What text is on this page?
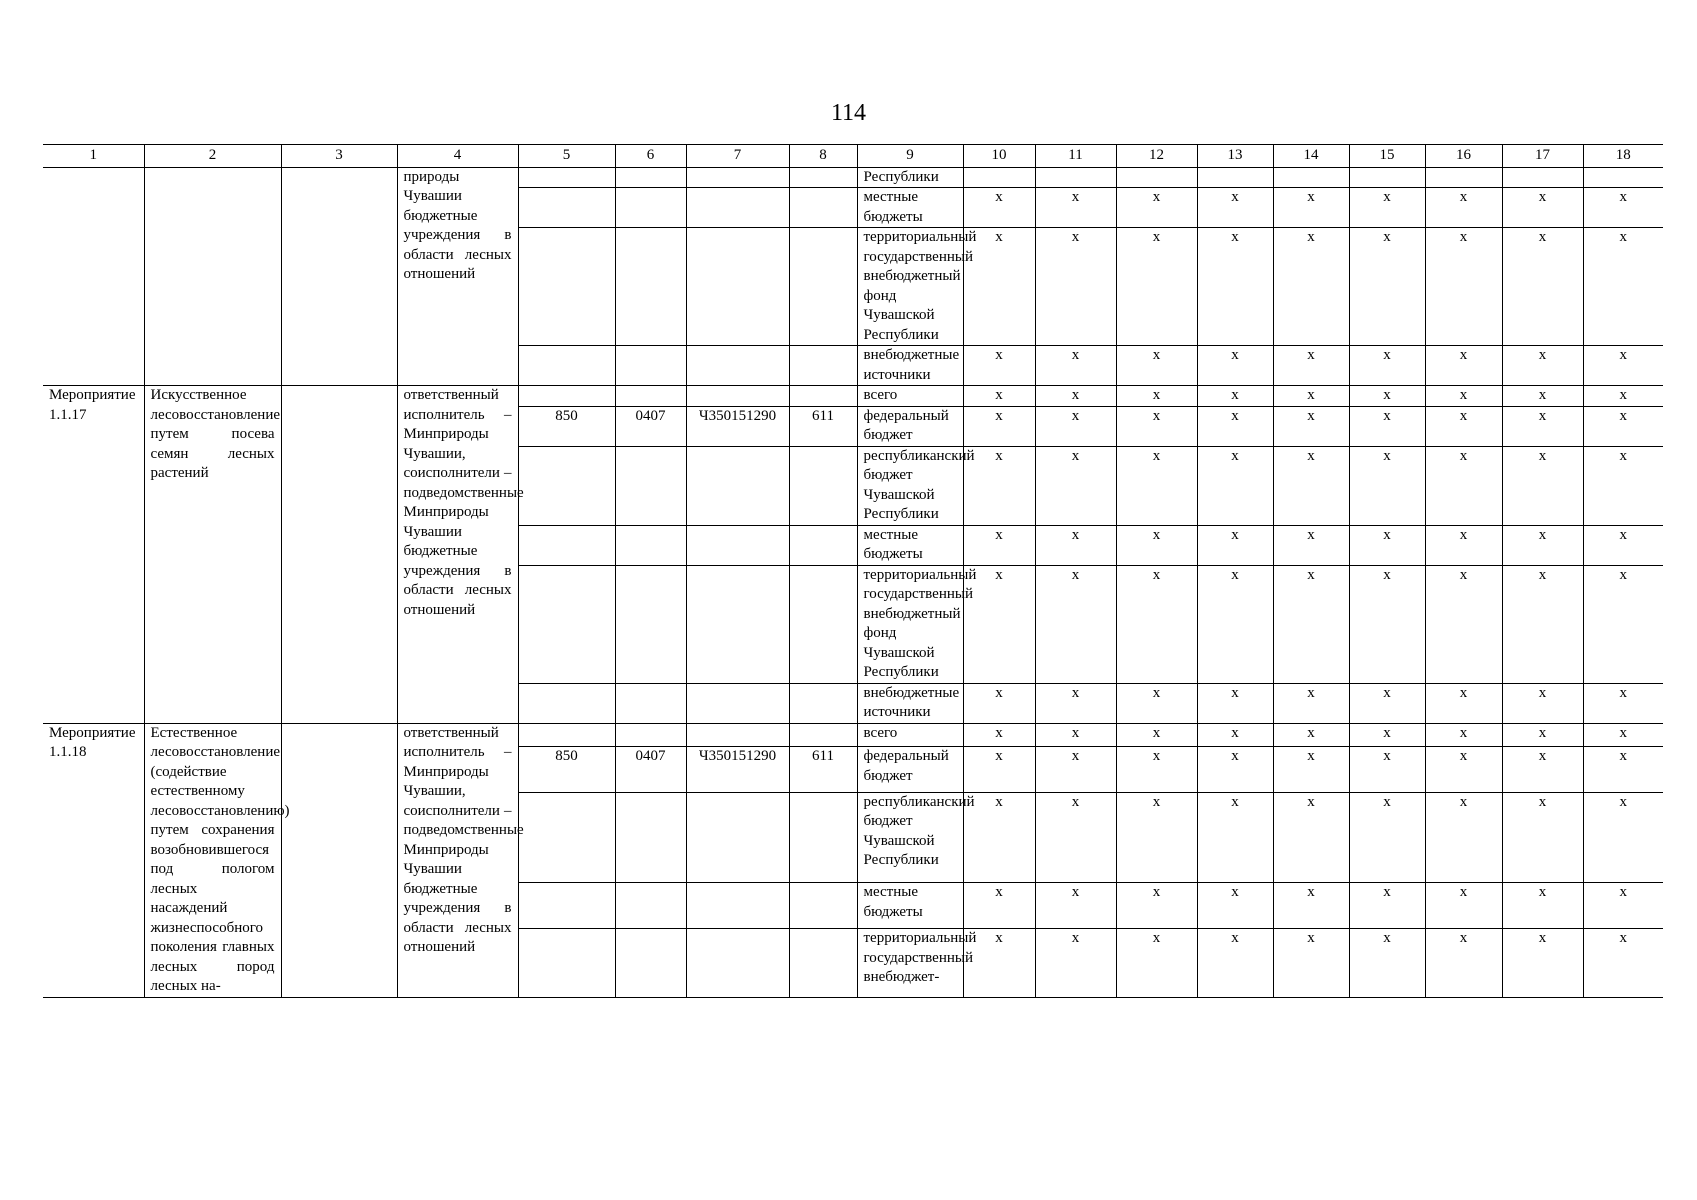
114
1	2	3	4	5	6	7	8	9	10	11	12	13	14	15	16	17	18
			природы Чувашии бюджетные учреждения в области лесных отношений					Республики									
								местные бюджеты	х	х	х	х	х	х	х	х	х
								территориальный государственный внебюджетный фонд Чувашской Республики	х	х	х	х	х	х	х	х	х
								внебюджетные источники	х	х	х	х	х	х	х	х	х
Мероприятие 1.1.17	Искусственное лесовосстановление путем посева семян лесных растений		ответственный исполнитель – Минприроды Чувашии, соисполнители – подведомственные Минприроды Чувашии бюджетные учреждения в области лесных отношений					всего	х	х	х	х	х	х	х	х	х
				850	0407	Ч350151290	611	федеральный бюджет	х	х	х	х	х	х	х	х	х
								республиканский бюджет Чувашской Республики	х	х	х	х	х	х	х	х	х
								местные бюджеты	х	х	х	х	х	х	х	х	х
								территориальный государственный внебюджетный фонд Чувашской Республики	х	х	х	х	х	х	х	х	х
								внебюджетные источники	х	х	х	х	х	х	х	х	х
Мероприятие 1.1.18	Естественное лесовосстановление (содействие естественному лесовосстановлению) путем сохранения возобновившегося под пологом лесных насаждений жизнеспособного поколения главных лесных пород лесных на-		ответственный исполнитель – Минприроды Чувашии, соисполнители – подведомственные Минприроды Чувашии бюджетные учреждения в области лесных отношений					всего	х	х	х	х	х	х	х	х	х
				850	0407	Ч350151290	611	федеральный бюджет	х	х	х	х	х	х	х	х	х
								республиканский бюджет Чувашской Республики	х	х	х	х	х	х	х	х	х
								местные бюджеты	х	х	х	х	х	х	х	х	х
								территориальный государственный внебюджет-	х	х	х	х	х	х	х	х	х
